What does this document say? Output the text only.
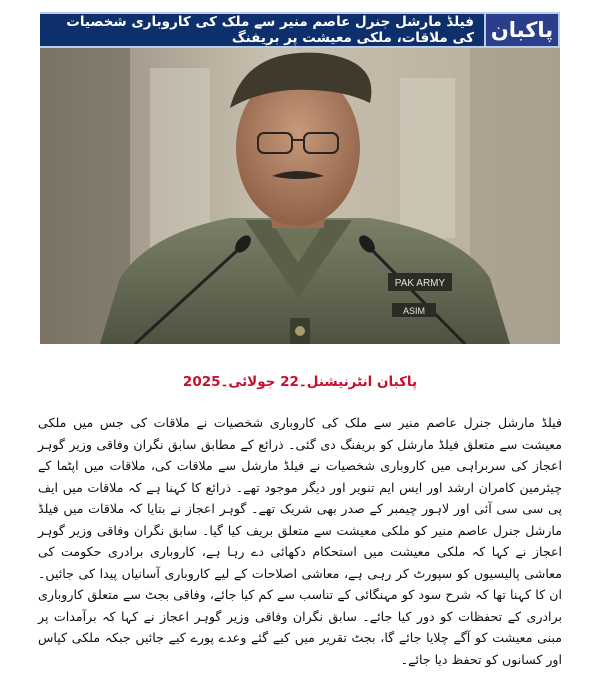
پاکبان
فیلڈ مارشل جنرل عاصم منیر سے ملک کی کاروباری شخصیات کی ملاقات، ملکی معیشت پر بریفنگ
PAK ARMY
ASIM
پاکبان انٹرنیشنل۔22 جولائی۔2025
فیلڈ مارشل جنرل عاصم منیر سے ملک کی کاروباری شخصیات نے ملاقات کی جس میں ملکی معیشت سے متعلق فیلڈ مارشل کو بریفنگ دی گئی۔ ذرائع کے مطابق سابق نگران وفاقی وزیر گوہر اعجاز کی سربراہی میں کاروباری شخصیات نے فیلڈ مارشل سے ملاقات کی، ملاقات میں اپٹما کے چیئرمین کامران ارشد اور ایس ایم تنویر اور دیگر موجود تھے۔ ذرائع کا کہنا ہے کہ ملاقات میں ایف پی سی سی آئی اور لاہور چیمبر کے صدر بھی شریک تھے۔ گوہر اعجاز نے بتایا کہ ملاقات میں فیلڈ مارشل جنرل عاصم منیر کو ملکی معیشت سے متعلق بریف کیا گیا۔ سابق نگران وفاقی وزیر گوہر اعجاز نے کہا کہ ملکی معیشت میں استحکام دکھائی دے رہا ہے، کاروباری برادری حکومت کی معاشی پالیسیوں کو سپورٹ کر رہی ہے، معاشی اصلاحات کے لیے کاروباری آسانیاں پیدا کی جائیں۔ ان کا کہنا تھا کہ شرح سود کو مہنگائی کے تناسب سے کم کیا جائے، وفاقی بجٹ سے متعلق کاروباری برادری کے تحفظات کو دور کیا جائے۔ سابق نگران وفاقی وزیر گوہر اعجاز نے کہا کہ برآمدات پر مبنی معیشت کو آگے چلایا جائے گا، بجٹ تقریر میں کیے گئے وعدے پورے کیے جائیں جبکہ ملکی کپاس اور کسانوں کو تحفظ دیا جائے۔
